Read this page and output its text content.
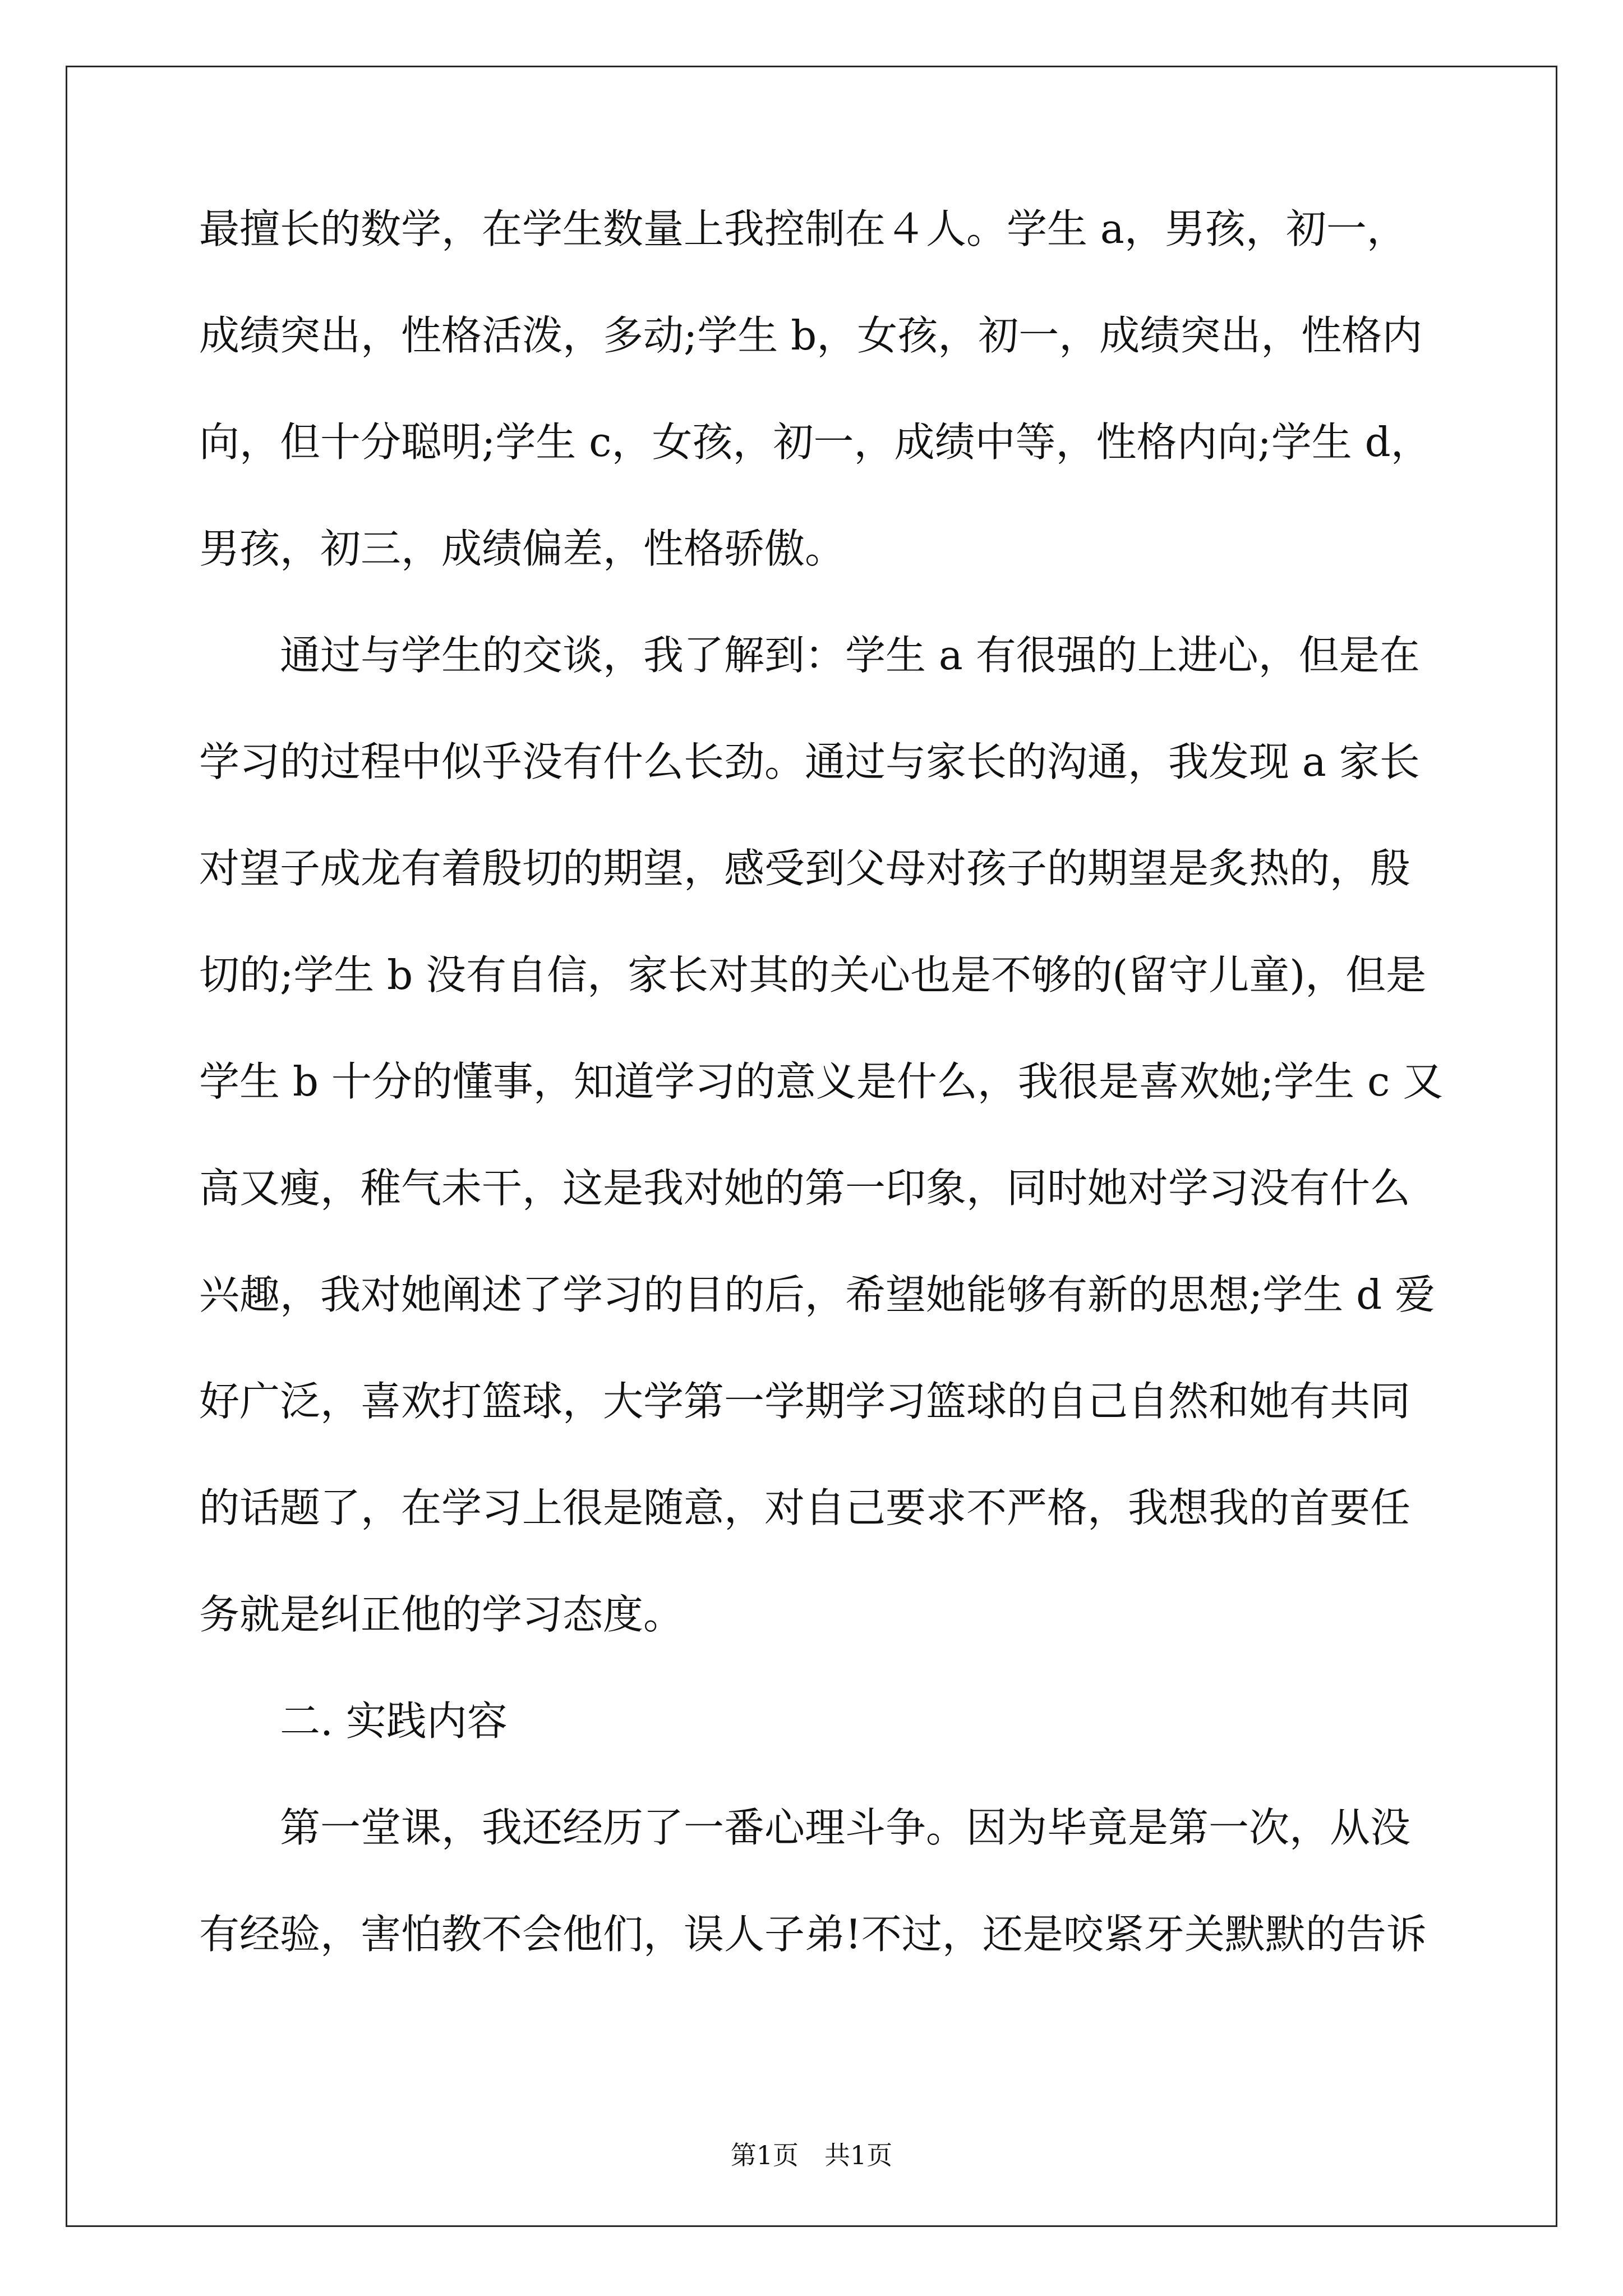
最擅长的数学，在学生数量上我控制在４人。学生 a，男孩，初一，
成绩突出，性格活泼，多动;学生 b，女孩，初一，成绩突出，性格内
向，但十分聪明;学生 c，女孩，初一，成绩中等，性格内向;学生 d，
男孩，初三，成绩偏差，性格骄傲。
通过与学生的交谈，我了解到：学生 a 有很强的上进心，但是在
学习的过程中似乎没有什么长劲。通过与家长的沟通，我发现 a 家长
对望子成龙有着殷切的期望，感受到父母对孩子的期望是炙热的，殷
切的;学生 b 没有自信，家长对其的关心也是不够的(留守儿童)，但是
学生 b 十分的懂事，知道学习的意义是什么，我很是喜欢她;学生 c 又
高又瘦，稚气未干，这是我对她的第一印象，同时她对学习没有什么
兴趣，我对她阐述了学习的目的后，希望她能够有新的思想;学生 d 爱
好广泛，喜欢打篮球，大学第一学期学习篮球的自己自然和她有共同
的话题了，在学习上很是随意，对自己要求不严格，我想我的首要任
务就是纠正他的学习态度。
二. 实践内容
第一堂课，我还经历了一番心理斗争。因为毕竟是第一次，从没
有经验，害怕教不会他们，误人子弟!不过，还是咬紧牙关默默的告诉
第1页　共1页
